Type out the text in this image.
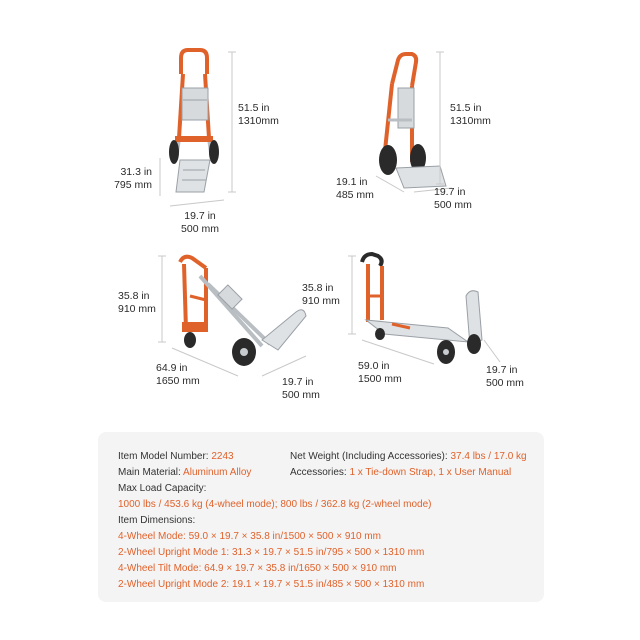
51.5 in
1310mm
31.3 in
795 mm
19.7 in
500 mm
51.5 in
1310mm
19.1 in
485 mm	19.7 in
500 mm
35.8 in
910 mm
64.9 in
1650 mm	19.7 in
500 mm
35.8 in
910 mm
59.0 in
1500 mm
19.7 in
500 mm
Item Model Number: 2243	Net Weight (Including Accessories): 37.4 lbs / 17.0 kg
Main Material: Aluminum Alloy	Accessories: 1 x Tie-down Strap, 1 x User Manual
Max Load Capacity:
1000 lbs / 453.6 kg (4-wheel mode); 800 lbs / 362.8 kg (2-wheel mode)
Item Dimensions:
4-Wheel Mode: 59.0 × 19.7 × 35.8 in/1500 × 500 × 910 mm
2-Wheel Upright Mode 1: 31.3 × 19.7 × 51.5 in/795 × 500 × 1310 mm
4-Wheel Tilt Mode: 64.9 × 19.7 × 35.8 in/1650 × 500 × 910 mm
2-Wheel Upright Mode 2: 19.1 × 19.7 × 51.5 in/485 × 500 × 1310 mm
